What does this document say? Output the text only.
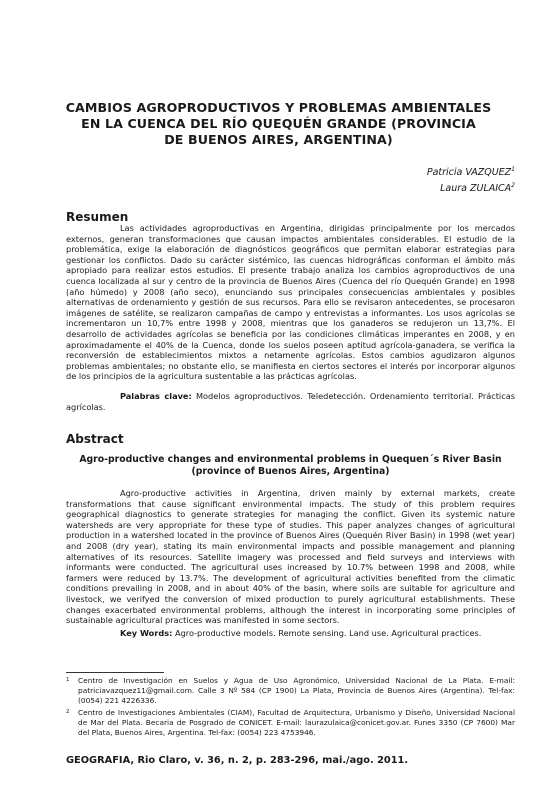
CAMBIOS AGROPRODUCTIVOS Y PROBLEMAS AMBIENTALES
EN LA CUENCA DEL RÍO QUEQUÉN GRANDE (PROVINCIA
DE BUENOS AIRES, ARGENTINA)
Patricia VAZQUEZ$^1$
Laura ZULAICA$^2$
Resumen

Las actividades agroproductivas en Argentina, dirigidas principalmente por los mercados externos, generan transformaciones que causan impactos ambientales considerables. El estudio de la problemática, exige la elaboración de diagnósticos geográficos que permitan elaborar estrategias para gestionar los conflictos. Dado su carácter sistémico, las cuencas hidrográficas conforman el ámbito más apropiado para realizar estos estudios. El presente trabajo analiza los cambios agroproductivos de una cuenca localizada al sur y centro de la provincia de Buenos Aires (Cuenca del río Quequén Grande) en 1998 (año húmedo) y 2008 (año seco), enunciando sus principales consecuencias ambientales y posibles alternativas de ordenamiento y gestión de sus recursos. Para ello se revisaron antecedentes, se procesaron imágenes de satélite, se realizaron campañas de campo y entrevistas a informantes. Los usos agrícolas se incrementaron un 10,7% entre 1998 y 2008, mientras que los ganaderos se redujeron un 13,7%. El desarrollo de actividades agrícolas se beneficia por las condiciones climáticas imperantes en 2008, y en aproximadamente el 40% de la Cuenca, donde los suelos poseen aptitud agrícola-ganadera, se verifica la reconversión de establecimientos mixtos a netamente agrícolas. Estos cambios agudizaron algunos problemas ambientales; no obstante ello, se manifiesta en ciertos sectores el interés por incorporar algunos de los principios de la agricultura sustentable a las prácticas agrícolas.

Palabras clave: Modelos agroproductivos. Teledetección. Ordenamiento territorial. Prácticas agrícolas.

Abstract
Agro-productive changes and environmental problems in Quequen´s River Basin
(province of Buenos Aires, Argentina)

Agro-productive activities in Argentina, driven mainly by external markets, create transformations that cause significant environmental impacts. The study of this problem requires geographical diagnostics to generate strategies for managing the conflict. Given its systemic nature watersheds are very appropriate for these type of studies. This paper analyzes changes of agricultural production in a watershed located in the province of Buenos Aires (Quequén River Basin) in 1998 (wet year) and 2008 (dry year), stating its main environmental impacts and possible management and planning alternatives of its resources. Satellite imagery was processed and field surveys and interviews with informants were conducted. The agricultural uses increased by 10.7% between 1998 and 2008, while farmers were reduced by 13.7%. The development of agricultural activities benefited from the climatic conditions prevailing in 2008, and in about 40% of the basin, where soils are suitable for agriculture and livestock, we verifyed the conversion of mixed production to purely agricultural establishments. These changes exacerbated environmental problems, although the interest in incorporating some principles of sustainable agricultural practices was manifested in some sectors.

Key Words: Agro-productive models. Remote sensing. Land use. Agricultural practices.

1 Centro de Investigación en Suelos y Agua de Uso Agronómico, Universidad Nacional de La Plata. E-mail: patriciavazquez11@gmail.com. Calle 3 Nº 584 (CP 1900) La Plata, Provincia de Buenos Aires (Argentina). Tel-fax: (0054) 221 4226336.
2 Centro de Investigaciones Ambientales (CIAM), Facultad de Arquitectura, Urbanismo y Diseño, Universidad Nacional de Mar del Plata. Becaria de Posgrado de CONICET. E-mail: laurazulaica@conicet.gov.ar. Funes 3350 (CP 7600) Mar del Plata, Buenos Aires, Argentina. Tel-fax: (0054) 223 4753946.
GEOGRAFIA, Rio Claro, v. 36, n. 2, p. 283-296, mai./ago. 2011.
